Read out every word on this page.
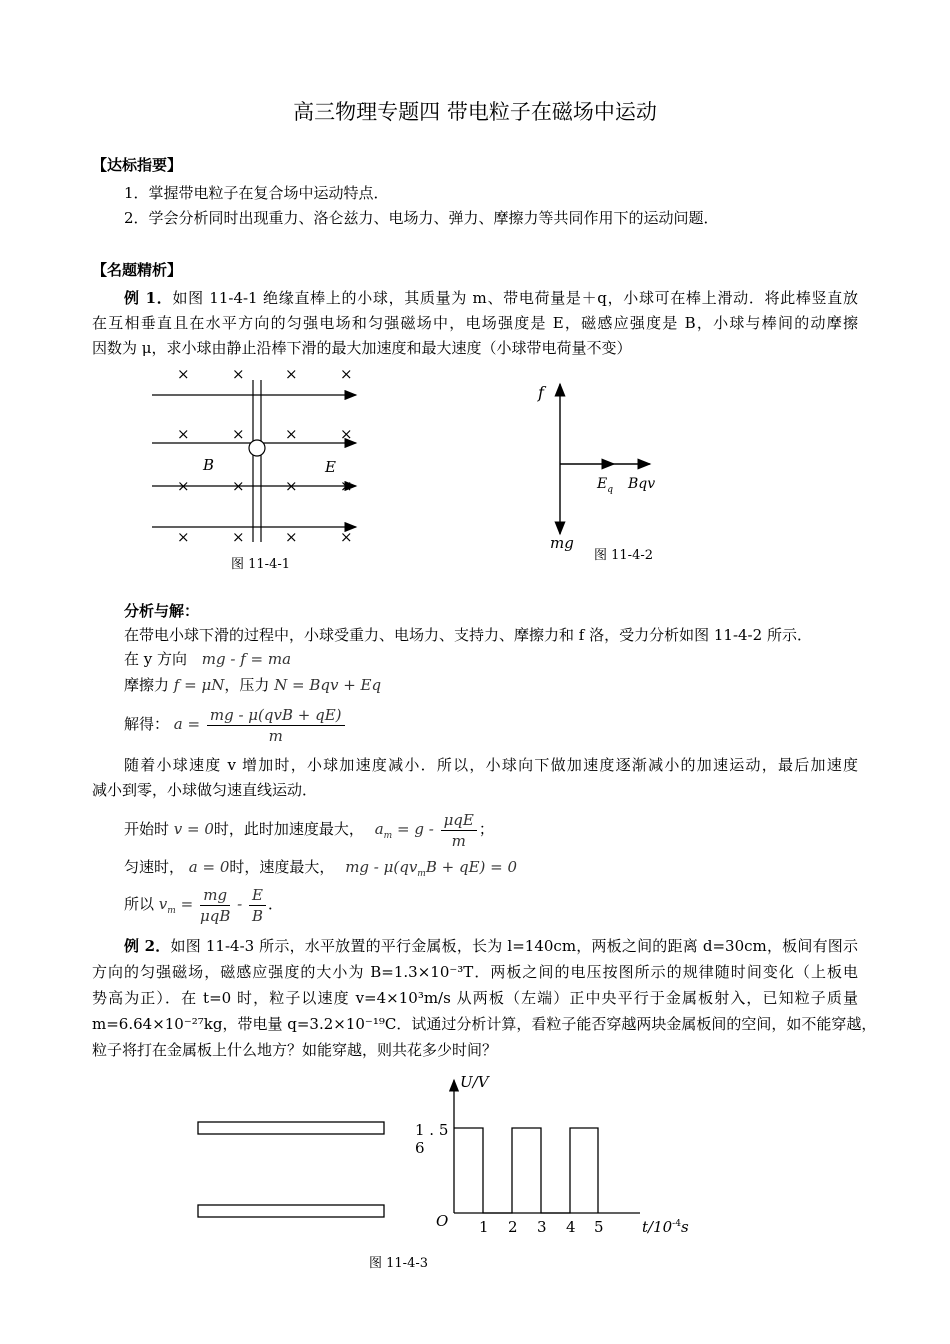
高三物理专题四 带电粒子在磁场中运动
【达标指要】
1．掌握带电粒子在复合场中运动特点．
2．学会分析同时出现重力、洛仑兹力、电场力、弹力、摩擦力等共同作用下的运动问题．
【名题精析】
例 1．如图 11-4-1 绝缘直棒上的小球，其质量为 m、带电荷量是＋q，小球可在棒上滑动．将此棒竖直放
在互相垂直且在水平方向的匀强电场和匀强磁场中，电场强度是 E，磁感应强度是 B，小球与棒间的动摩擦
因数为 μ，求小球由静止沿棒下滑的最大加速度和最大速度（小球带电荷量不变）
×	×	×	×
×	×	×	×
×	×	×	×
×	×	×	×
B	E
图 11-4-1
f
$E_q$ Bqv
mg
图 11-4-2
分析与解：
在带电小球下滑的过程中，小球受重力、电场力、支持力、摩擦力和 f 洛，受力分析如图 11-4-2 所示．
在 y 方向 mg - f = ma
摩擦力 f = μN，压力 N = Bqv + Eq
解得： $a = \frac{\text{mg - μ(qvB + qE)}}{m}$
随着小球速度 v 增加时，小球加速度减小．所以，小球向下做加速度逐渐减小的加速运动，最后加速度
减小到零，小球做匀速直线运动．
开始时 v = 0时，此时加速度最大， $a_m = g - \frac{\text{μqE}}{m}$ ；
匀速时， a = 0时，速度最大， mg - $\mu(qv_mB + qE) = 0$
所以 $v_m = \frac{mg}{\text{μqB}} - \frac{E}{B}$ ．
例 2．如图 11-4-3 所示，水平放置的平行金属板，长为 l=140cm，两板之间的距离 d=30cm，板间有图示
方向的匀强磁场，磁感应强度的大小为 B=1.3×10⁻³T．两板之间的电压按图所示的规律随时间变化（上板电
势高为正）．在 t=0 时，粒子以速度 v=4×10³m/s 从两板（左端）正中央平行于金属板射入，已知粒子质量
m=6.64×10⁻²⁷kg，带电量 q=3.2×10⁻¹⁹C．试通过分析计算，看粒子能否穿越两块金属板间的空间，如不能穿越，
粒子将打在金属板上什么地方？如能穿越，则共花多少时间？
U/V
1 . 5
6
O 1 2 3 4 5	$t/10^{-4}s$
图 11-4-3
